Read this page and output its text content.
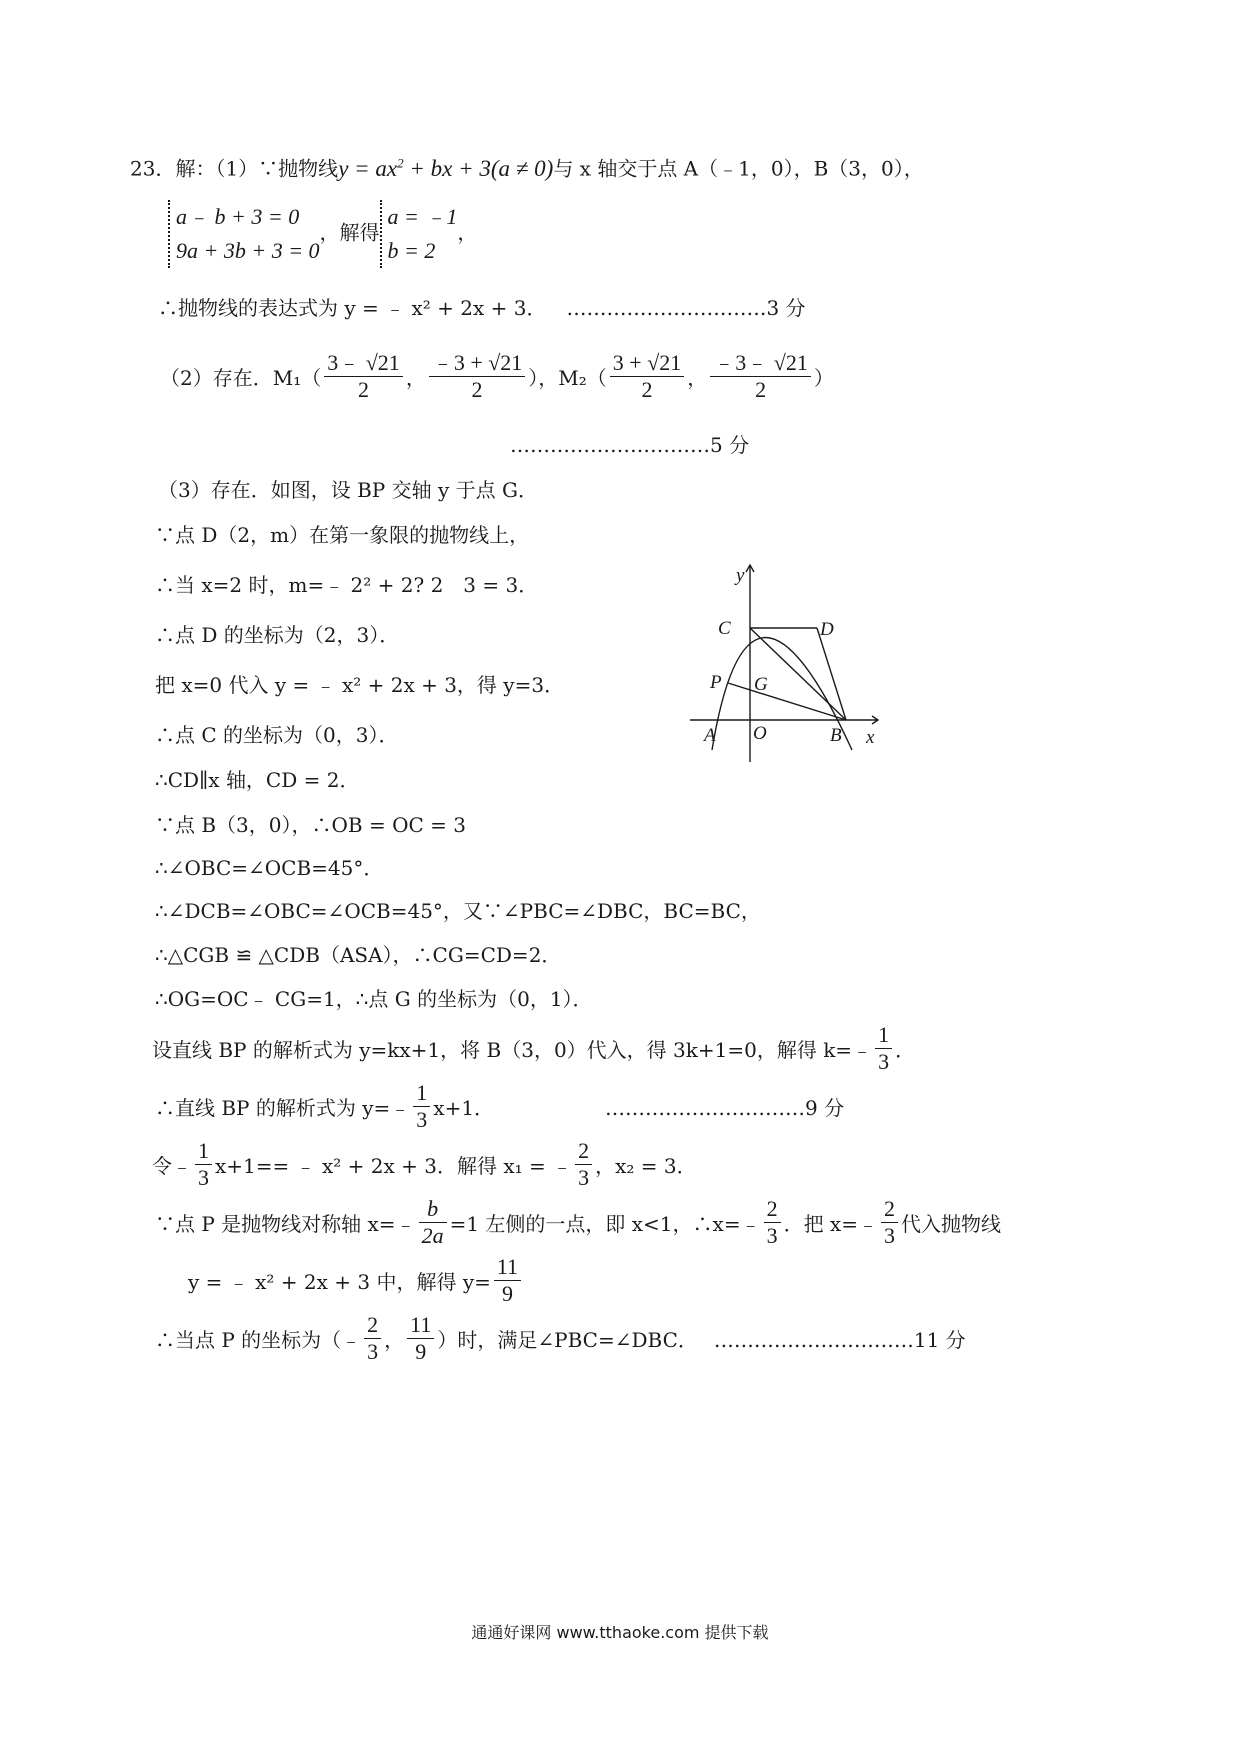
23．解：（1）∵抛物线$y = ax^2$ + bx + 3(a ≠ 0)与 x 轴交于点 A（﹣1，0），B（3，0），
a﹣ b + 3 = 0
9a + 3b + 3 = 0
，解得
a = ﹣1
b = 2
，
∴抛物线的表达式为 y = ﹣ x² + 2x + 3． …………………………3 分
（2）存在．$M_1( \frac{3﹣ √21}{2}$ ， $\frac{﹣3 + √21}{2}$ ），$M_2( \frac{3 + √21}{2}$ ， $\frac{﹣3﹣ √21}{2}$ ）
…………………………5 分
（3）存在．如图，设 BP 交轴 y 于点 G．
∵点 D（2，m）在第一象限的抛物线上，
∴当 x=2 时，m=﹣ 2² + 2? 2　3 = 3．
∴点 D 的坐标为（2，3）．
把 x=0 代入 y = ﹣ x² + 2x + 3，得 y=3．
∴点 C 的坐标为（0，3）．
∴CD∥x 轴，CD = 2．
∵点 B（3，0），∴OB = OC = 3
∴∠OBC=∠OCB=45°．
∴∠DCB=∠OBC=∠OCB=45°，又∵∠PBC=∠DBC，BC=BC，
∴△CGB ≌ △CDB（ASA），∴CG=CD=2．
∴OG=OC﹣ CG=1，∴点 G 的坐标为（0，1）．
设直线 BP 的解析式为 y=kx+1，将 B（3，0）代入，得 3k+1=0，解得 k=﹣ $\frac{1}{3}$ ．
∴直线 BP 的解析式为 y=﹣ $\frac{1}{3} x+1$．	…………………………9 分
令﹣ $\frac{1}{3} x+1==$ ﹣ x² + 2x + 3．解得 x₁ = ﹣ $\frac{2}{3}$ ，x₂ = 3．
∵点 P 是抛物线对称轴 x=﹣ $\frac{b}{2a} =1$ 左侧的一点，即 x<1，∴x=﹣ $\frac{2}{3}$ ．把 x=﹣ $\frac{2}{3}$ 代入抛物线
y = ﹣ x² + 2x + 3 中，解得 $y= \frac{11}{9}$
∴当点 P 的坐标为（﹣ $\frac{2}{3}$ ， $\frac{11}{9}$ ）时，满足∠PBC=∠DBC． …………………………11 分
y
C	D
P G
A O	B x
通通好课网 www.tthaoke.com 提供下载
